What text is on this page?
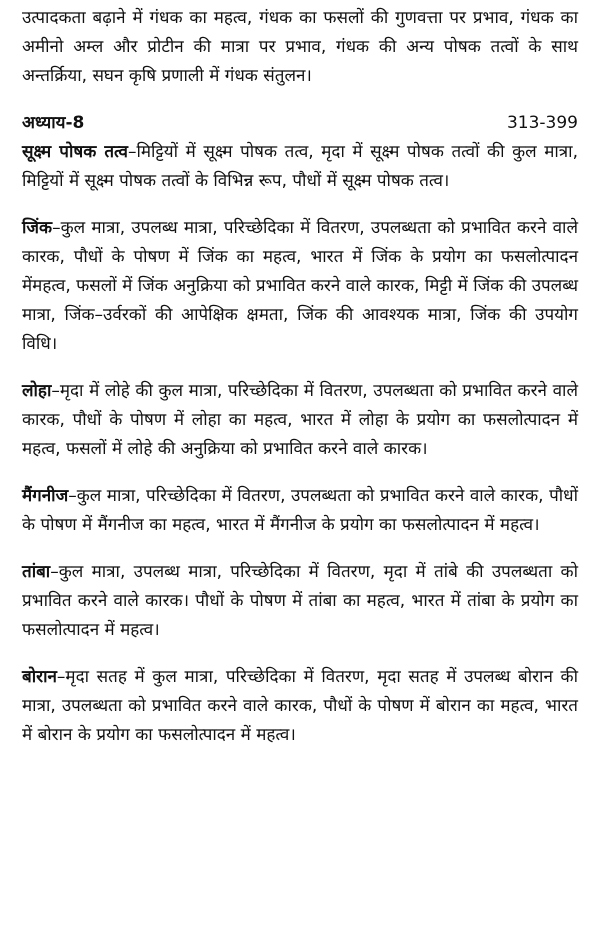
उत्पादकता बढ़ाने में गंधक का महत्व, गंधक का फसलों की गुणवत्ता पर प्रभाव, गंधक का अमीनो अम्ल और प्रोटीन की मात्रा पर प्रभाव, गंधक की अन्य पोषक तत्वों के साथ अन्तर्क्रिया, सघन कृषि प्रणाली में गंधक संतुलन।

अध्याय-8	313-399

सूक्ष्म पोषक तत्व–मिट्टियों में सूक्ष्म पोषक तत्व, मृदा में सूक्ष्म पोषक तत्वों की कुल मात्रा, मिट्टियों में सूक्ष्म पोषक तत्वों के विभिन्न रूप, पौधों में सूक्ष्म पोषक तत्व।

जिंक–कुल मात्रा, उपलब्ध मात्रा, परिच्छेदिका में वितरण, उपलब्धता को प्रभावित करने वाले कारक, पौधों के पोषण में जिंक का महत्व, भारत में जिंक के प्रयोग का फसलोत्पादन मेंमहत्व, फसलों में जिंक अनुक्रिया को प्रभावित करने वाले कारक, मिट्टी में जिंक की उपलब्ध मात्रा, जिंक–उर्वरकों की आपेक्षिक क्षमता, जिंक की आवश्यक मात्रा, जिंक की उपयोग विधि।

लोहा–मृदा में लोहे की कुल मात्रा, परिच्छेदिका में वितरण, उपलब्धता को प्रभावित करने वाले कारक, पौधों के पोषण में लोहा का महत्व, भारत में लोहा के प्रयोग का फसलोत्पादन में महत्व, फसलों में लोहे की अनुक्रिया को प्रभावित करने वाले कारक।

मैंगनीज–कुल मात्रा, परिच्छेदिका में वितरण, उपलब्धता को प्रभावित करने वाले कारक, पौधों के पोषण में मैंगनीज का महत्व, भारत में मैंगनीज के प्रयोग का फसलोत्पादन में महत्व।

तांबा–कुल मात्रा, उपलब्ध मात्रा, परिच्छेदिका में वितरण, मृदा में तांबे की उपलब्धता को प्रभावित करने वाले कारक। पौधों के पोषण में तांबा का महत्व, भारत में तांबा के प्रयोग का फसलोत्पादन में महत्व।

बोरान–मृदा सतह में कुल मात्रा, परिच्छेदिका में वितरण, मृदा सतह में उपलब्ध बोरान की मात्रा, उपलब्धता को प्रभावित करने वाले कारक, पौधों के पोषण में बोरान का महत्व, भारत में बोरान के प्रयोग का फसलोत्पादन में महत्व।
